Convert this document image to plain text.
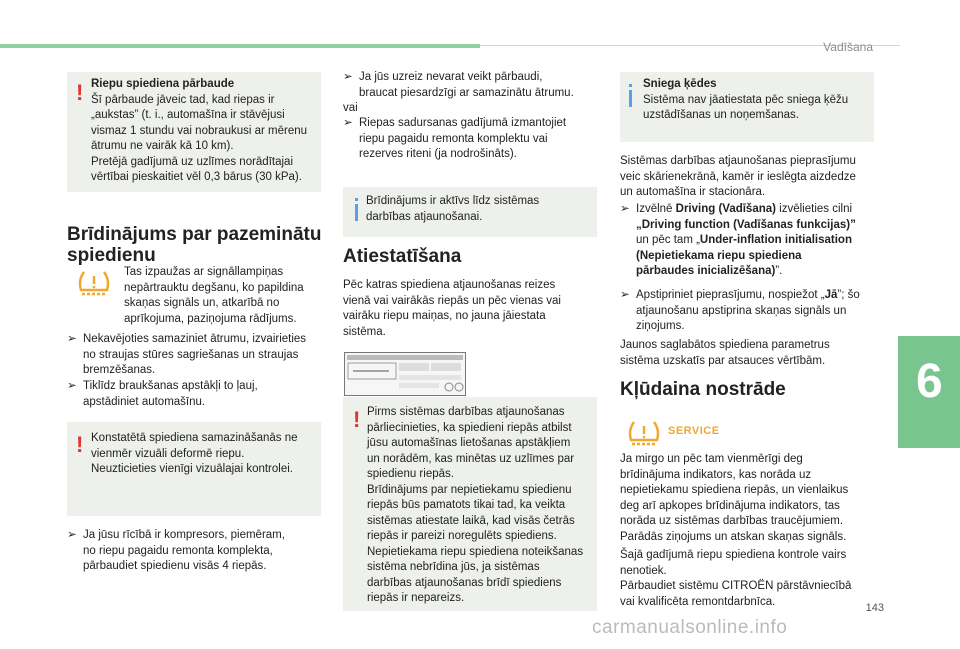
Vadīšana
6
143
carmanualsonline.info
! Riepu spiediena pārbaude
Šī pārbaude jāveic tad, kad riepas ir
„aukstas” (t. i., automašīna ir stāvējusi
vismaz 1 stundu vai nobraukusi ar mērenu
ātrumu ne vairāk kā 10 km).
Pretējā gadījumā uz uzlīmes norādītajai
vērtībai pieskaitiet vēl 0,3 bārus (30 kPa).
Brīdinājums par pazeminātu
spiedienu
Tas izpaužas ar signāllampiņas
nepārtrauktu degšanu, ko papildina
skaņas signāls un, atkarībā no
aprīkojuma, paziņojuma rādījums.
➢ Nekavējoties samaziniet ātrumu, izvairieties
no straujas stūres sagriešanas un straujas
bremzēšanas.
➢ Tiklīdz braukšanas apstākļi to ļauj,
apstādiniet automašīnu.
! Konstatētā spiediena samazināšanās ne
vienmēr vizuāli deformē riepu.
Neuzticieties vienīgi vizuālajai kontrolei.
➢ Ja jūsu rīcībā ir kompresors, piemēram,
no riepu pagaidu remonta komplekta,
pārbaudiet spiedienu visās 4 riepās.
➢ Ja jūs uzreiz nevarat veikt pārbaudi,
braucat piesardzīgi ar samazinātu ātrumu.
vai
➢ Riepas sadursanas gadījumā izmantojiet
riepu pagaidu remonta komplektu vai
rezerves riteni (ja nodrošināts).
Brīdinājums ir aktīvs līdz sistēmas
darbības atjaunošanai.
Atiestatīšana
Pēc katras spiediena atjaunošanas reizes
vienā vai vairākās riepās un pēc vienas vai
vairāku riepu maiņas, no jauna jāiestata
sistēma.
! Pirms sistēmas darbības atjaunošanas
pārliecinieties, ka spiedieni riepās atbilst
jūsu automašīnas lietošanas apstākļiem
un norādēm, kas minētas uz uzlīmes par
spiedienu riepās.
Brīdinājums par nepietiekamu spiedienu
riepās būs pamatots tikai tad, ka veikta
sistēmas atiestate laikā, kad visās četrās
riepās ir pareizi noregulēts spiediens.
Nepietiekama riepu spiediena noteikšanas
sistēma nebrīdina jūs, ja sistēmas
darbības atjaunošanas brīdī spiediens
riepās ir nepareizs.
Sniega ķēdes
Sistēma nav jāatiestata pēc sniega ķēžu
uzstādīšanas un noņemšanas.
Sistēmas darbības atjaunošanas pieprasījumu
veic skārienekrānā, kamēr ir ieslēgta aizdedze
un automašīna ir stacionāra.
➢ Izvēlnē Driving (Vadīšana) izvēlieties cilni
„Driving function (Vadīšanas funkcijas)”
un pēc tam „Under-inflation initialisation
(Nepietiekama riepu spiediena
pārbaudes inicializēšana)”.
➢ Apstipriniet pieprasījumu, nospiežot „Jā”; šo
atjaunošanu apstiprina skaņas signāls un
ziņojums.
Jaunos saglabātos spiediena parametrus
sistēma uzskatīs par atsauces vērtībām.
Kļūdaina nostrāde
SERVICE
Ja mirgo un pēc tam vienmērīgi deg
brīdinājuma indikators, kas norāda uz
nepietiekamu spiediena riepās, un vienlaikus
deg arī apkopes brīdinājuma indikators, tas
norāda uz sistēmas darbības traucējumiem.
Parādās ziņojums un atskan skaņas signāls.
Šajā gadījumā riepu spiediena kontrole vairs
nenotiek.
Pārbaudiet sistēmu CITROËN pārstāvniecībā
vai kvalificēta remontdarbnīca.
